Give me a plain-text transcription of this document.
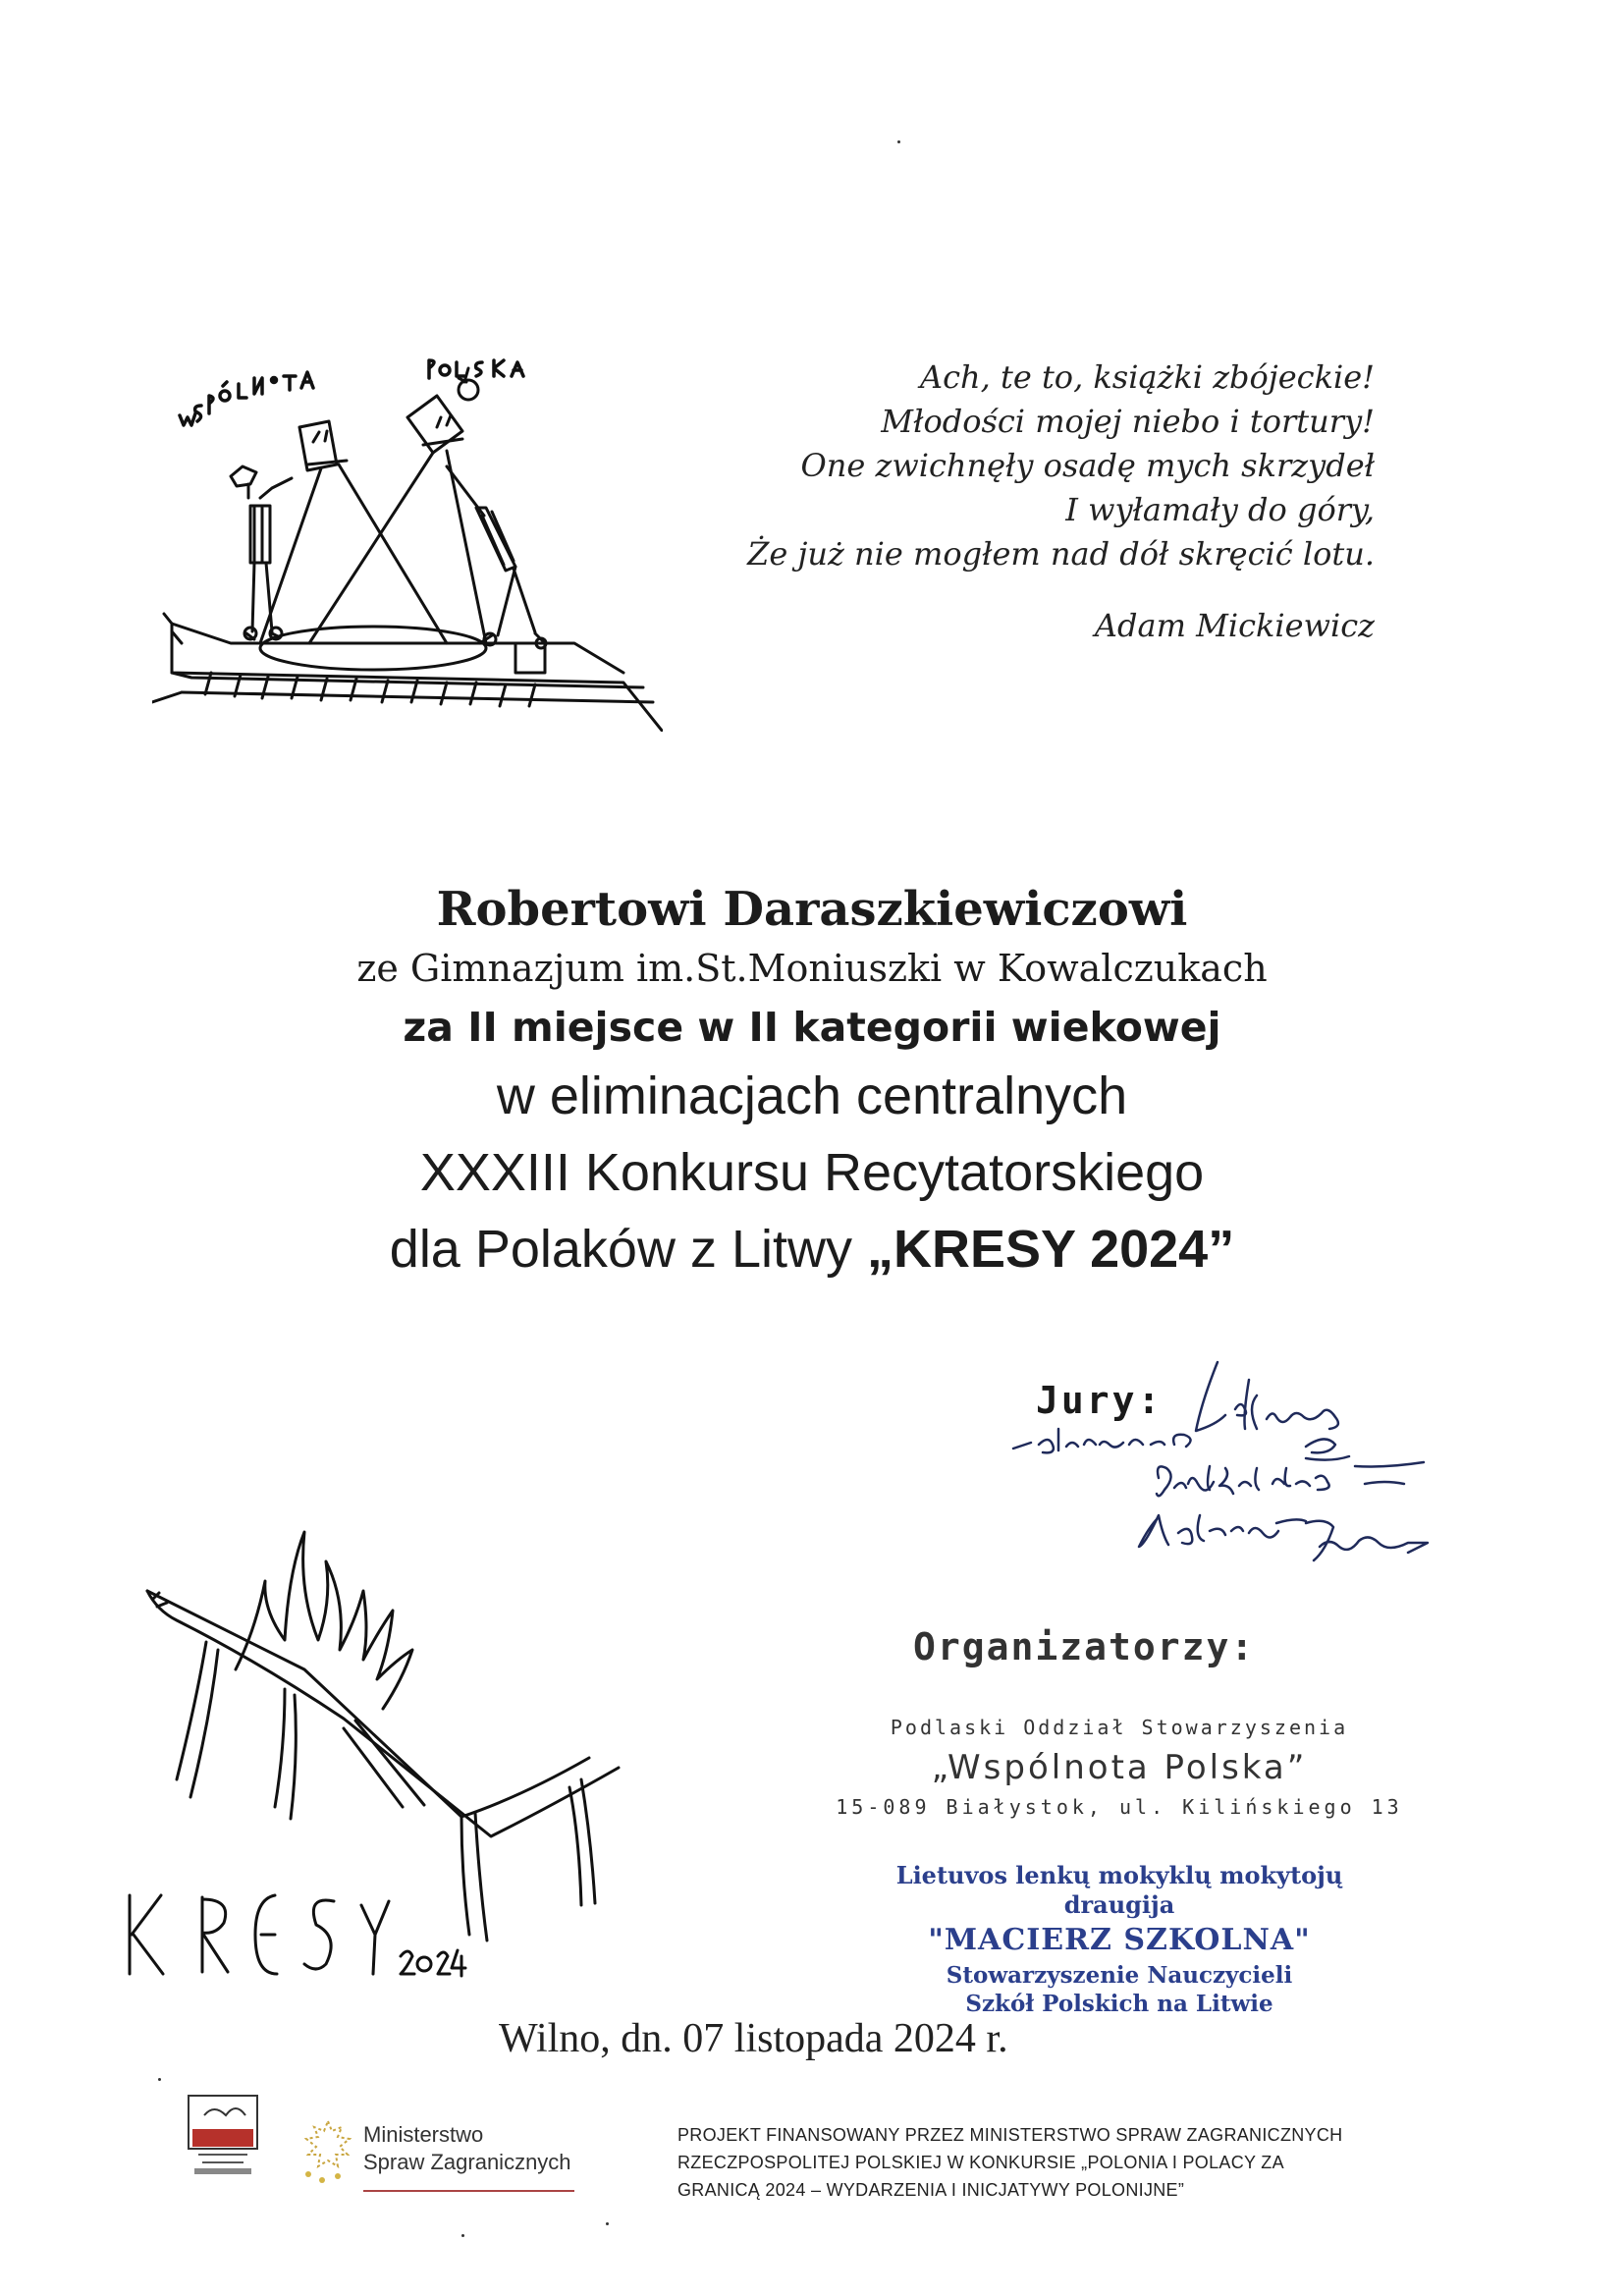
Ach, te to, książki zbójeckie!
Młodości mojej niebo i tortury!
One zwichnęły osadę mych skrzydeł
I wyłamały do góry,
Że już nie mogłem nad dół skręcić lotu.
Adam Mickiewicz
Robertowi Daraszkiewiczowi
ze Gimnazjum im.St.Moniuszki w Kowalczukach
za II miejsce w II kategorii wiekowej
w eliminacjach centralnych
XXXIII Konkursu Recytatorskiego
dla Polaków z Litwy „KRESY 2024”
Jury:
Organizatorzy:
Podlaski Oddział Stowarzyszenia
„Wspólnota Polska”
15-089 Białystok, ul. Kilińskiego 13
Lietuvos lenkų mokyklų mokytojų
draugija
"MACIERZ SZKOLNA"
Stowarzyszenie Nauczycieli
Szkół Polskich na Litwie
Wilno, dn. 07 listopada 2024 r.
Ministerstwo
Spraw Zagranicznych
PROJEKT FINANSOWANY PRZEZ MINISTERSTWO SPRAW ZAGRANICZNYCH
RZECZPOSPOLITEJ POLSKIEJ W KONKURSIE „POLONIA I POLACY ZA
GRANICĄ 2024 – WYDARZENIA I INICJATYWY POLONIJNE”
